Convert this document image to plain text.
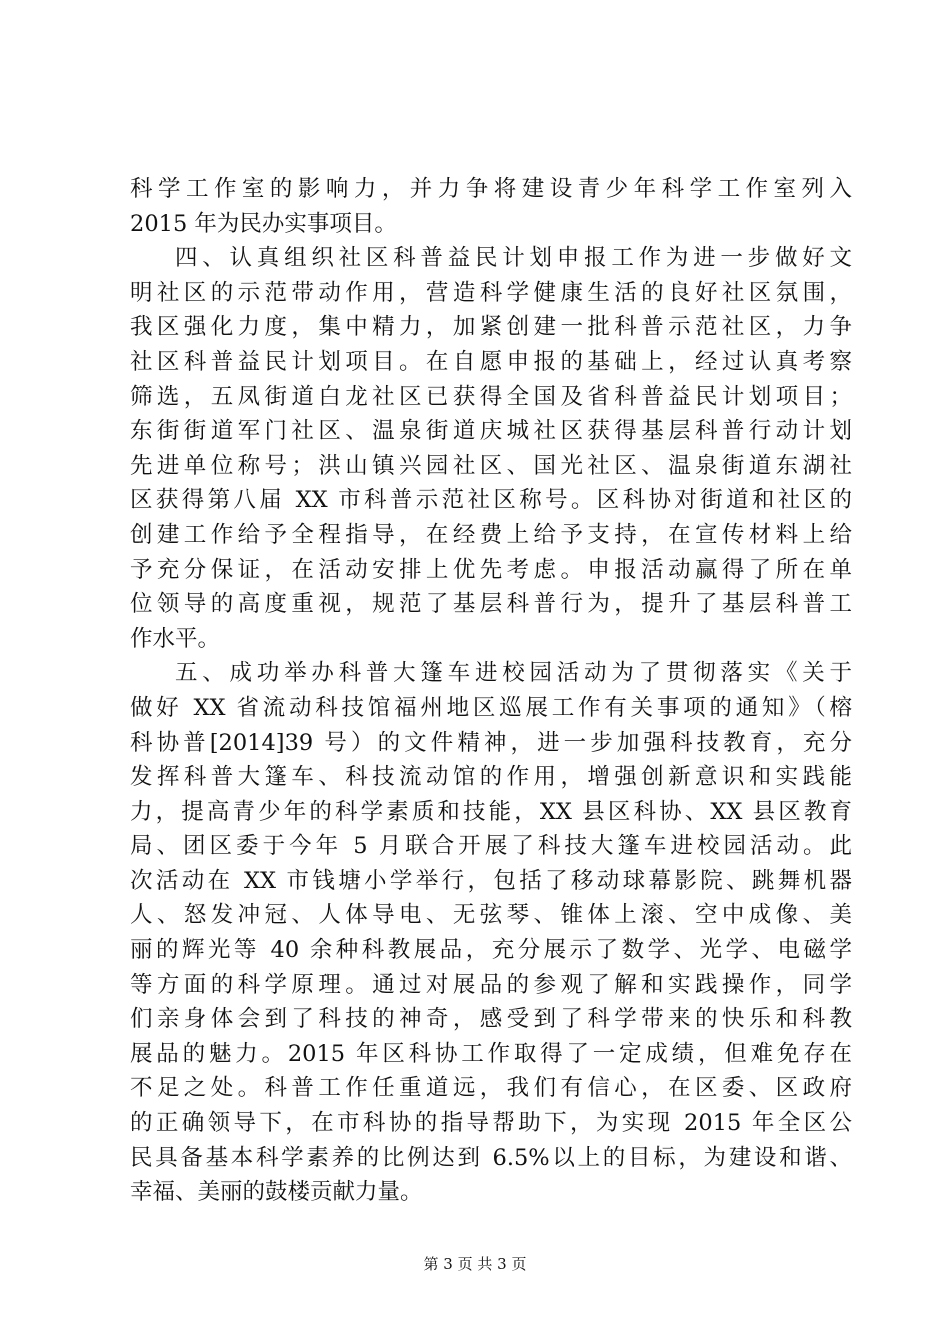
科学工作室的影响力，并力争将建设青少年科学工作室列入
2015 年为民办实事项目。
四、认真组织社区科普益民计划申报工作为进一步做好文
明社区的示范带动作用，营造科学健康生活的良好社区氛围，
我区强化力度，集中精力，加紧创建一批科普示范社区，力争
社区科普益民计划项目。在自愿申报的基础上，经过认真考察
筛选，五凤街道白龙社区已获得全国及省科普益民计划项目；
东街街道军门社区、温泉街道庆城社区获得基层科普行动计划
先进单位称号；洪山镇兴园社区、国光社区、温泉街道东湖社
区获得第八届 XX 市科普示范社区称号。区科协对街道和社区的
创建工作给予全程指导，在经费上给予支持，在宣传材料上给
予充分保证，在活动安排上优先考虑。申报活动赢得了所在单
位领导的高度重视，规范了基层科普行为，提升了基层科普工
作水平。
五、成功举办科普大篷车进校园活动为了贯彻落实《关于
做好 XX 省流动科技馆福州地区巡展工作有关事项的通知》（榕
科协普[2014]39 号）的文件精神，进一步加强科技教育，充分
发挥科普大篷车、科技流动馆的作用，增强创新意识和实践能
力，提高青少年的科学素质和技能，XX 县区科协、XX 县区教育
局、团区委于今年 5 月联合开展了科技大篷车进校园活动。此
次活动在 XX 市钱塘小学举行，包括了移动球幕影院、跳舞机器
人、怒发冲冠、人体导电、无弦琴、锥体上滚、空中成像、美
丽的辉光等 40 余种科教展品，充分展示了数学、光学、电磁学
等方面的科学原理。通过对展品的参观了解和实践操作，同学
们亲身体会到了科技的神奇，感受到了科学带来的快乐和科教
展品的魅力。2015 年区科协工作取得了一定成绩，但难免存在
不足之处。科普工作任重道远，我们有信心，在区委、区政府
的正确领导下，在市科协的指导帮助下，为实现 2015 年全区公
民具备基本科学素养的比例达到 6.5%以上的目标，为建设和谐、
幸福、美丽的鼓楼贡献力量。
第 3 页 共 3 页
